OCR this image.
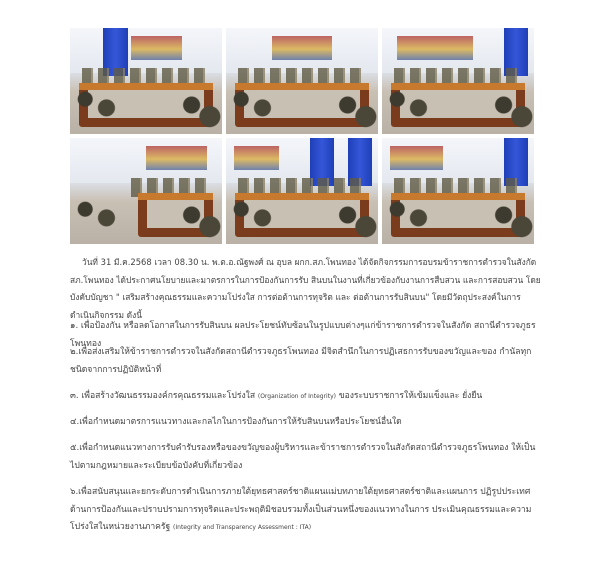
วันที่ 31 มี.ค.2568 เวลา 08.30 น. พ.ต.อ.ณัฐพงศ์ ณ อุบล ผกก.สภ.โพนทอง ได้จัดกิจกรรมการอบรมข้าราชการตำรวจในสังกัด สภ.โพนทอง ได้ประกาศนโยบายและมาตรการในการป้องกันการรับ สินบนในงานที่เกี่ยวข้องกับงานการสืบสวน และการสอบสวน โดยบังคับบัญชา " เสริมสร้างคุณธรรมและความโปร่งใส การต่อต้านการทุจริต และ ต่อต้านการรับสินบน" โดยมีวัตถุประสงค์ในการดำเนินกิจกรรม ดังนี้
๑. เพื่อป้องกัน หรือลดโอกาสในการรับสินบน ผลประโยชน์ทับซ้อนในรูปแบบต่างๆแก่ข้าราชการตำรวจในสังกัด สถานีตำรวจภูธรโพนทอง
๒.เพื่อส่งเสริมให้ข้าราชการตำรวจในสังกัดสถานีตำรวจภูธรโพนทอง มีจิตสำนึกในการปฏิเสธการรับของขวัญและของ กำนัลทุกชนิดจากการปฏิบัติหน้าที่
๓. เพื่อสร้างวัฒนธรรมองค์กรคุณธรรมและโปร่งใส (Organization of Integrity) ของระบบราชการให้เข้มแข็งและ ยั่งยืน
๔.เพื่อกำหนดมาตรการแนวทางและกลไกในการป้องกันการให้รับสินบนหรือประโยชน์อื่นใด
๕.เพื่อกำหนดแนวทางการรับคำรับรองหรือของขวัญของผู้บริหารและข้าราชการตำรวจในสังกัดสถานีตำรวจภูธรโพนทอง ให้เป็นไปตามกฎหมายและระเบียบข้อบังคับที่เกี่ยวข้อง
๖.เพื่อสนับสนุนและยกระดับการดำเนินการภายใต้ยุทธศาสตร์ชาติแผนแม่บทภายใต้ยุทธศาสตร์ชาติและแผนการ ปฏิรูปประเทศด้านการป้องกันและปราบปรามการทุจริตและประพฤติมิชอบรวมทั้งเป็นส่วนหนึ่งของแนวทางในการ ประเมินคุณธรรมและความโปร่งใสในหน่วยงานภาครัฐ (Integrity and Transparency Assessment : ITA)
